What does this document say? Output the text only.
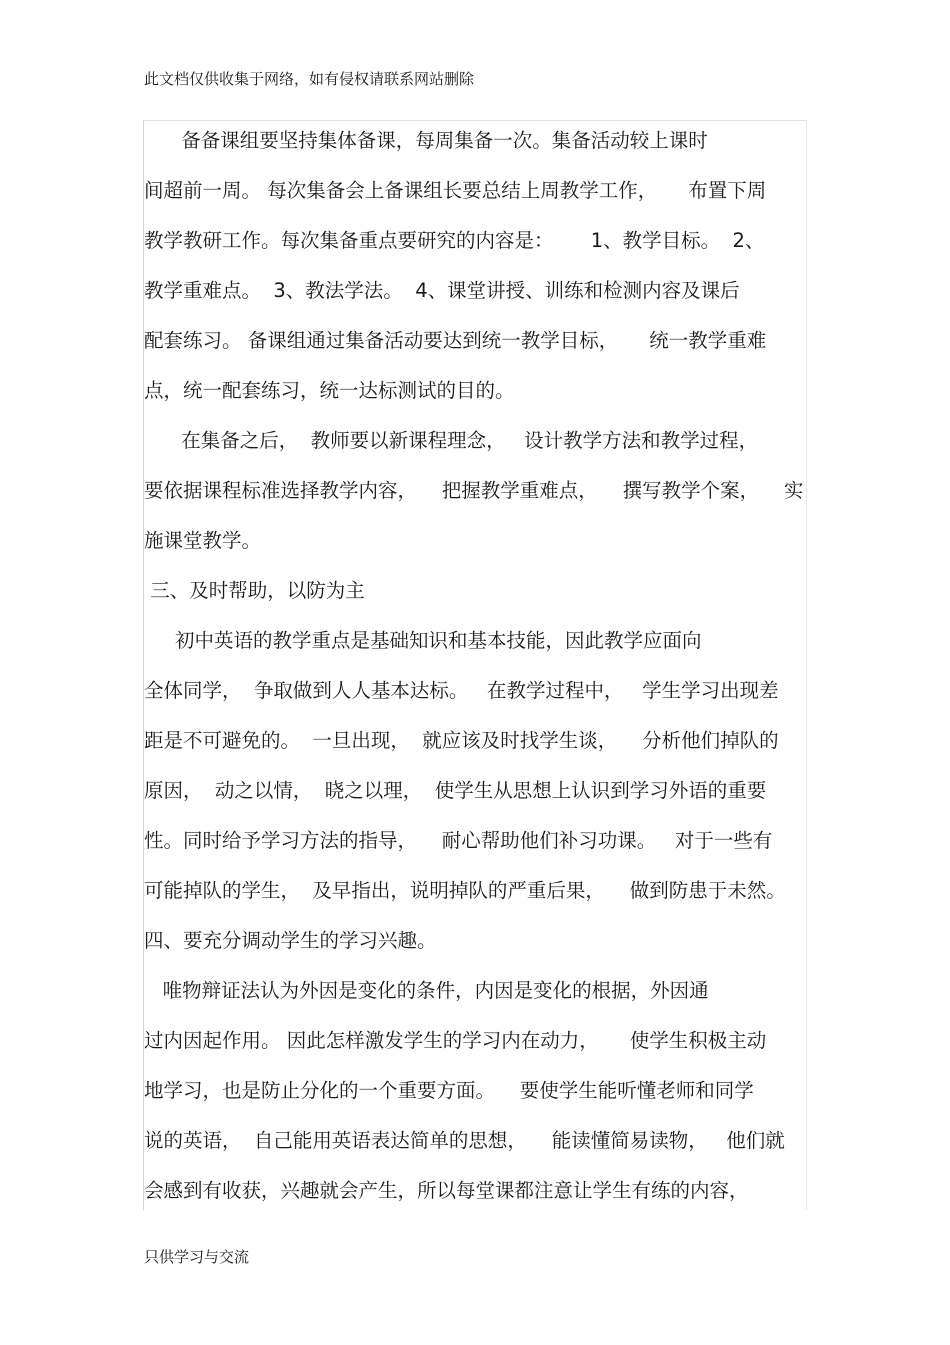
此文档仅供收集于网络，如有侵权请联系网站删除
备备课组要坚持集体备课，每周集备一次。集备活动较上课时
间超前一周。 每次集备会上备课组长要总结上周教学工作，     布置下周
教学教研工作。每次集备重点要研究的内容是：      1、教学目标。  2、
教学重难点。  3、教法学法。  4、课堂讲授、训练和检测内容及课后
配套练习。 备课组通过集备活动要达到统一教学目标，     统一教学重难
点，统一配套练习，统一达标测试的目的。
在集备之后，  教师要以新课程理念，   设计教学方法和教学过程，
要依据课程标准选择教学内容，    把握教学重难点，    撰写教学个案，    实
施课堂教学。
三、及时帮助，以防为主
初中英语的教学重点是基础知识和基本技能，因此教学应面向
全体同学，  争取做到人人基本达标。   在教学过程中，   学生学习出现差
距是不可避免的。  一旦出现，  就应该及时找学生谈，    分析他们掉队的
原因，  动之以情，  晓之以理，  使学生从思想上认识到学习外语的重要
性。同时给予学习方法的指导，    耐心帮助他们补习功课。   对于一些有
可能掉队的学生，  及早指出，说明掉队的严重后果，    做到防患于未然。
四、要充分调动学生的学习兴趣。
唯物辩证法认为外因是变化的条件，内因是变化的根据，外因通
过内因起作用。 因此怎样激发学生的学习内在动力，     使学生积极主动
地学习，也是防止分化的一个重要方面。    要使学生能听懂老师和同学
说的英语，  自己能用英语表达简单的思想，    能读懂简易读物，   他们就
会感到有收获，兴趣就会产生，所以每堂课都注意让学生有练的内容，
只供学习与交流
